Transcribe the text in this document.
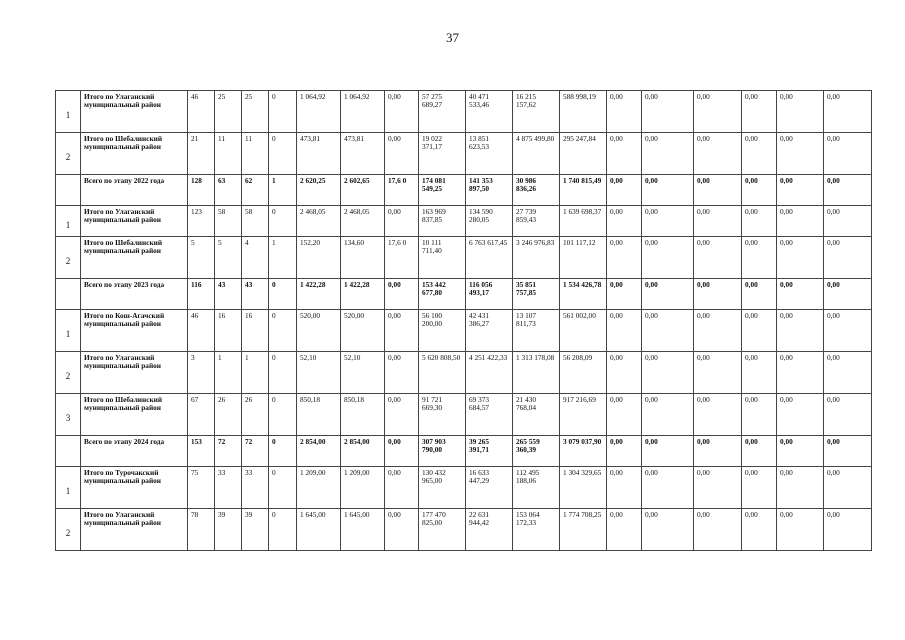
37
1	Итого по Улаганский муниципальный район	46	25	25	0	1 064,92	1 064,92	0,00	57 275 689,27	40 471 533,46	16 215 157,62	588 998,19	0,00	0,00	0,00	0,00	0,00	0,00
2	Итого по Шебалинский муниципальный район	21	11	11	0	473,81	473,81	0,00	19 022 371,17	13 851 623,53	4 875 499,80	295 247,84	0,00	0,00	0,00	0,00	0,00	0,00
	Всего по этапу 2022 года	128	63	62	1	2 620,25	2 602,65	17,6 0	174 081 549,25	141 353 897,50	30 986 836,26	1 740 815,49	0,00	0,00	0,00	0,00	0,00	0,00
1	Итого по Улаганский муниципальный район	123	58	58	0	2 468,05	2 468,05	0,00	163 969 837,85	134 590 280,05	27 739 859,43	1 639 698,37	0,00	0,00	0,00	0,00	0,00	0,00
2	Итого по Шебалинский муниципальный район	5	5	4	1	152,20	134,60	17,6 0	10 111 711,40	6 763 617,45	3 246 976,83	101 117,12	0,00	0,00	0,00	0,00	0,00	0,00
	Всего по этапу 2023 года	116	43	43	0	1 422,28	1 422,28	0,00	153 442 677,80	116 056 493,17	35 851 757,85	1 534 426,78	0,00	0,00	0,00	0,00	0,00	0,00
1	Итого по Кош-Агачский муниципальный район	46	16	16	0	520,00	520,00	0,00	56 100 200,00	42 431 386,27	13 107 811,73	561 002,00	0,00	0,00	0,00	0,00	0,00	0,00
2	Итого по Улаганский муниципальный район	3	1	1	0	52,10	52,10	0,00	5 620 808,50	4 251 422,33	1 313 178,08	56 208,09	0,00	0,00	0,00	0,00	0,00	0,00
3	Итого по Шебалинский муниципальный район	67	26	26	0	850,18	850,18	0,00	91 721 669,30	69 373 684,57	21 430 768,04	917 216,69	0,00	0,00	0,00	0,00	0,00	0,00
	Всего по этапу 2024 года	153	72	72	0	2 854,00	2 854,00	0,00	307 903 790,00	39 265 391,71	265 559 360,39	3 079 037,90	0,00	0,00	0,00	0,00	0,00	0,00
1	Итого по Турочакский муниципальный район	75	33	33	0	1 209,00	1 209,00	0,00	130 432 965,00	16 633 447,29	112 495 188,06	1 304 329,65	0,00	0,00	0,00	0,00	0,00	0,00
2	Итого по Улаганский муниципальный район	78	39	39	0	1 645,00	1 645,00	0,00	177 470 825,00	22 631 944,42	153 064 172,33	1 774 708,25	0,00	0,00	0,00	0,00	0,00	0,00
